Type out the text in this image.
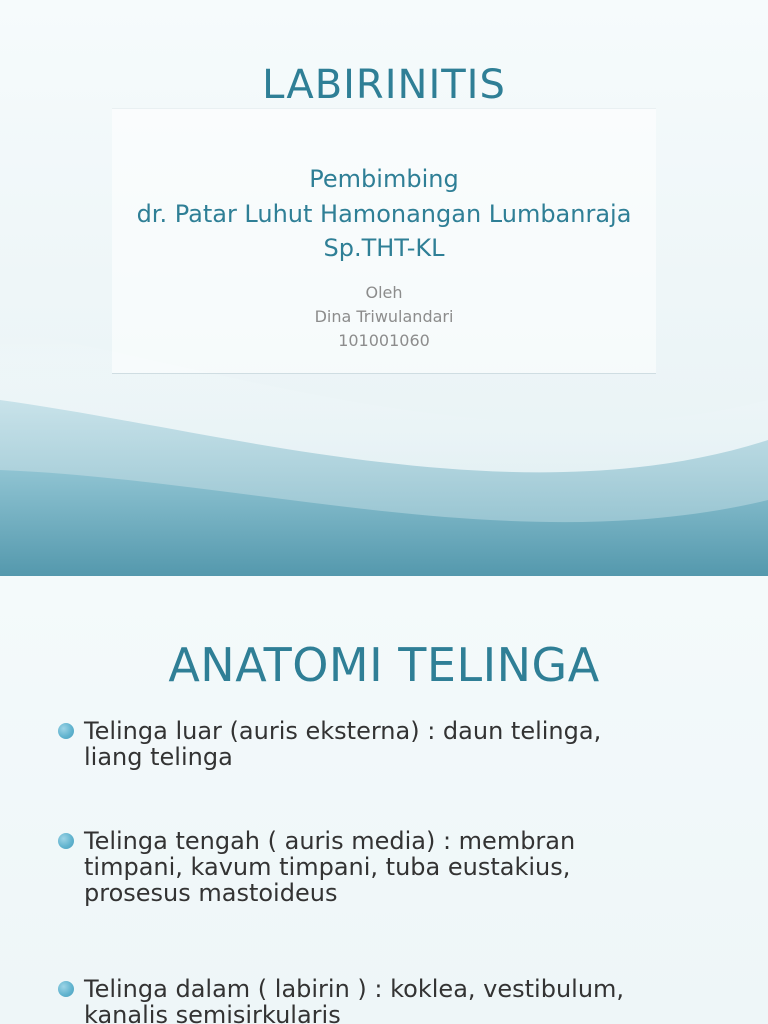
LABIRINITIS
Pembimbing
dr. Patar Luhut Hamonangan Lumbanraja
Sp.THT-KL
Oleh
Dina Triwulandari
101001060
ANATOMI TELINGA
Telinga luar (auris eksterna) : daun telinga,
liang telinga
Telinga tengah ( auris media) : membran
timpani, kavum timpani, tuba eustakius,
prosesus mastoideus
Telinga dalam ( labirin ) : koklea, vestibulum,
kanalis semisirkularis
